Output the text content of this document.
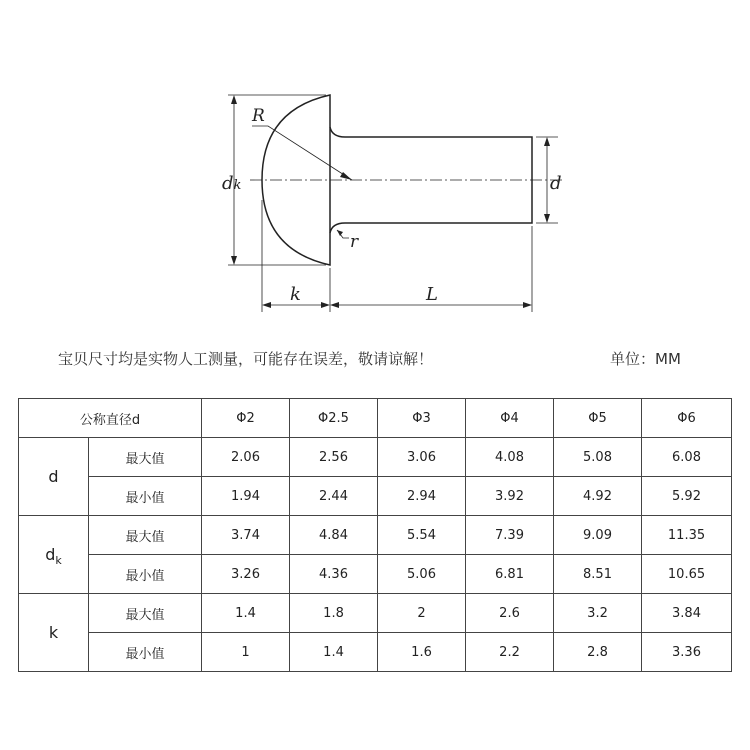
R
r
dk	d
k	L
宝贝尺寸均是实物人工测量，可能存在误差，敬请谅解！	单位：MM
公称直径d		Φ2	Φ2.5	Φ3	Φ4	Φ5	Φ6
d	最大值	2.06	2.56	3.06	4.08	5.08	6.08
	最小值	1.94	2.44	2.94	3.92	4.92	5.92
$d_k$	最大值	3.74	4.84	5.54	7.39	9.09	11.35
	最小值	3.26	4.36	5.06	6.81	8.51	10.65
k	最大值	1.4	1.8	2	2.6	3.2	3.84
	最小值	1	1.4	1.6	2.2	2.8	3.36
